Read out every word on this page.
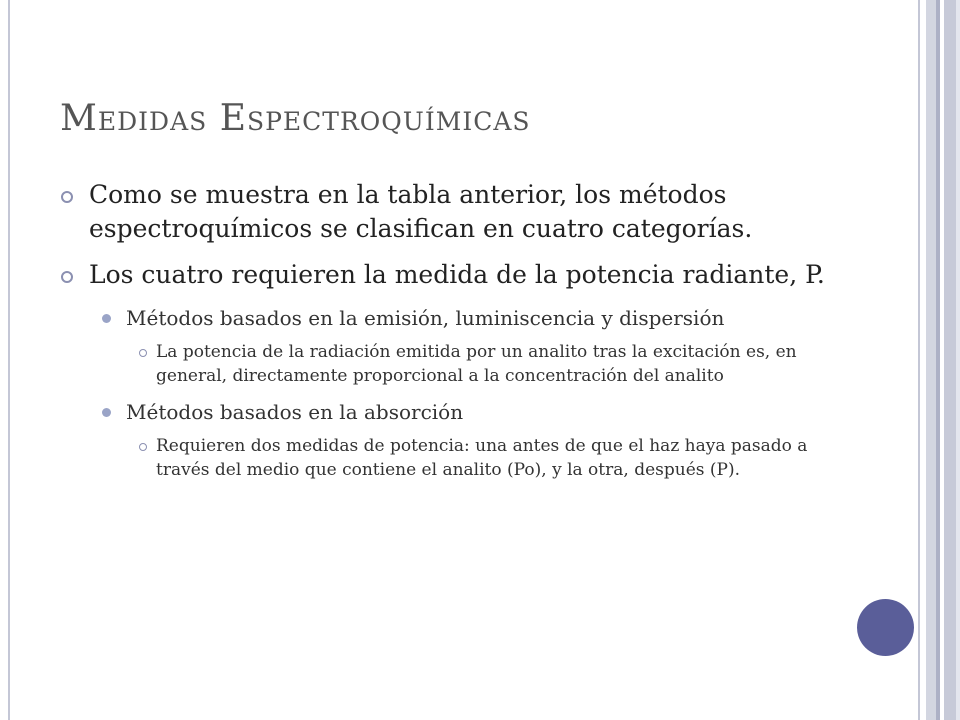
Medidas Espectroquímicas
Como se muestra en la tabla anterior, los métodos espectroquímicos se clasifican en cuatro categorías.
Los cuatro requieren la medida de la potencia radiante, P.
Métodos basados en la emisión, luminiscencia y dispersión
La potencia de la radiación emitida por un analito tras la excitación es, en general, directamente proporcional a la concentración del analito
Métodos basados en la absorción
Requieren dos medidas de potencia: una antes de que el haz haya pasado a través del medio que contiene el analito (Po), y la otra, después (P).
